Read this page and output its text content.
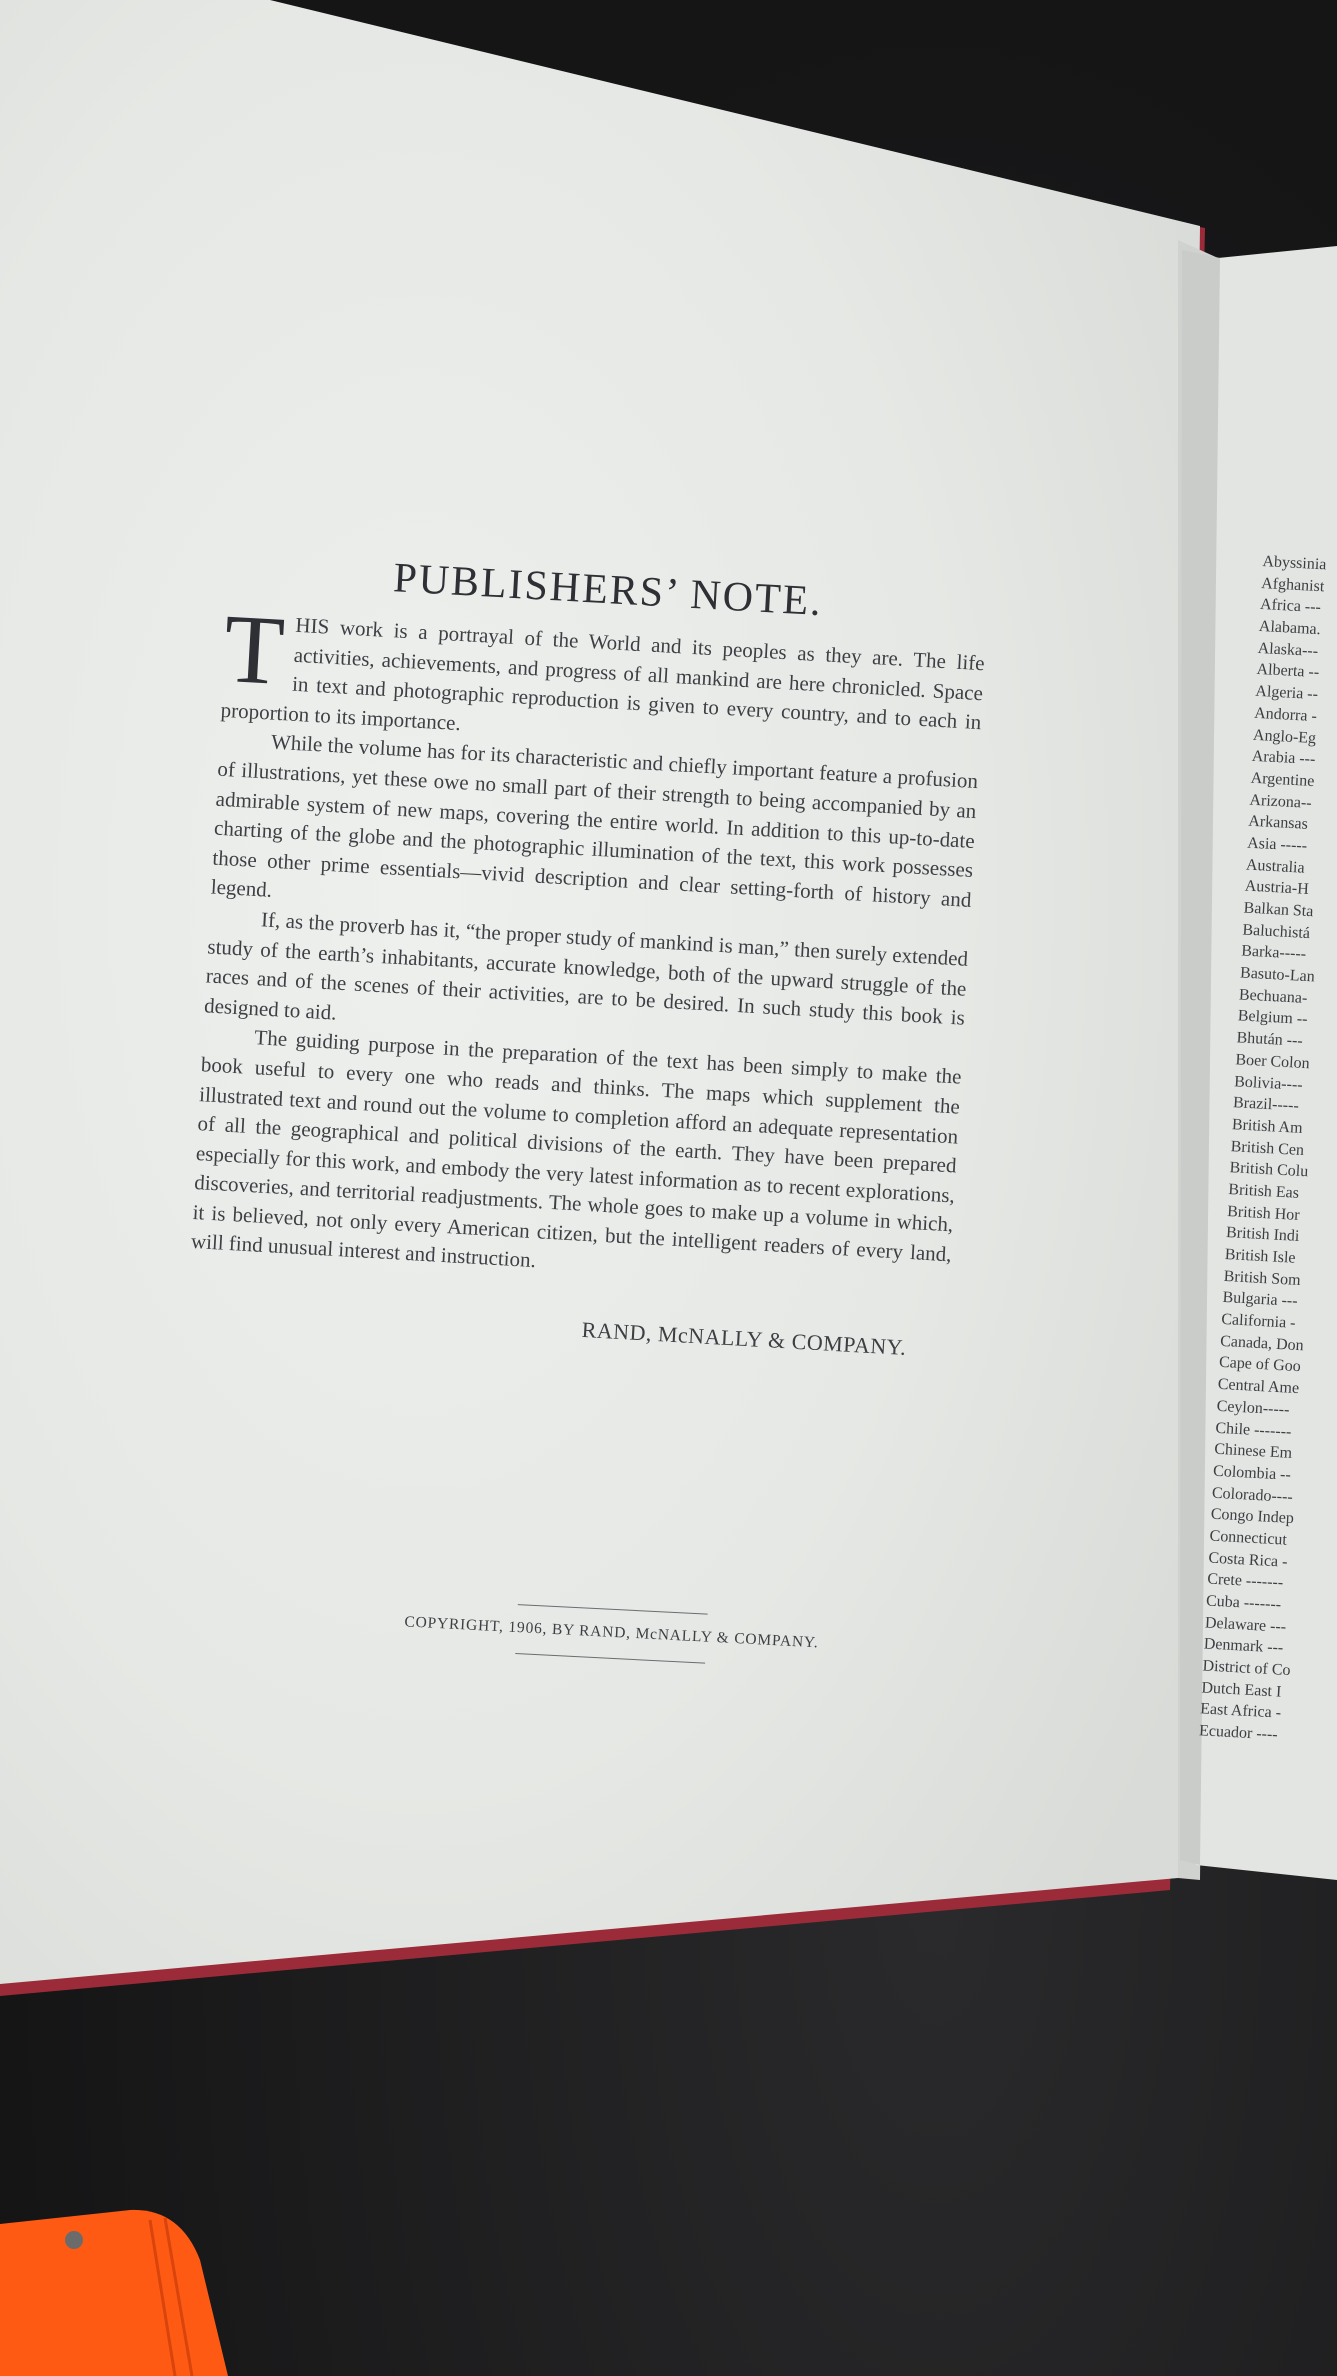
PUBLISHERS’ NOTE.

THIS work is a portrayal of the World and its peoples as they are. The life activities, achievements, and progress of all mankind are here chronicled. Space in text and photographic reproduction is given to every country, and to each in proportion to its importance.

While the volume has for its characteristic and chiefly important feature a profusion of illustrations, yet these owe no small part of their strength to being accompanied by an admirable system of new maps, covering the entire world. In addition to this up-to-date charting of the globe and the photographic illumination of the text, this work possesses those other prime essentials—vivid description and clear setting-forth of history and legend.

If, as the proverb has it, “the proper study of mankind is man,” then surely extended study of the earth’s inhabitants, accurate knowledge, both of the upward struggle of the races and of the scenes of their activities, are to be desired. In such study this book is designed to aid.

The guiding purpose in the preparation of the text has been simply to make the book useful to every one who reads and thinks. The maps which supplement the illustrated text and round out the volume to completion afford an adequate representation of all the geographical and political divisions of the earth. They have been prepared especially for this work, and embody the very latest information as to recent explorations, discoveries, and territorial readjustments. The whole goes to make up a volume in which, it is believed, not only every American citizen, but the intelligent readers of every land, will find unusual interest and instruction.

RAND, McNALLY & COMPANY.
COPYRIGHT, 1906, BY RAND, McNALLY & COMPANY.
Abyssinia
Afghanist
Africa ---
Alabama.
Alaska---
Alberta --
Algeria --
Andorra -
Anglo-Eg
Arabia ---
Argentine
Arizona--
Arkansas
Asia -----
Australia
Austria-H
Balkan Sta
Baluchistá
Barka-----
Basuto-Lan
Bechuana-
Belgium --
Bhután ---
Boer Colon
Bolivia----
Brazil-----
British Am
British Cen
British Colu
British Eas
British Hor
British Indi
British Isle
British Som
Bulgaria ---
California -
Canada, Don
Cape of Goo
Central Ame
Ceylon-----
Chile -------
Chinese Em
Colombia --
Colorado----
Congo Indep
Connecticut
Costa Rica -
Crete -------
Cuba -------
Delaware ---
Denmark ---
District of Co
Dutch East I
East Africa -
Ecuador ----
